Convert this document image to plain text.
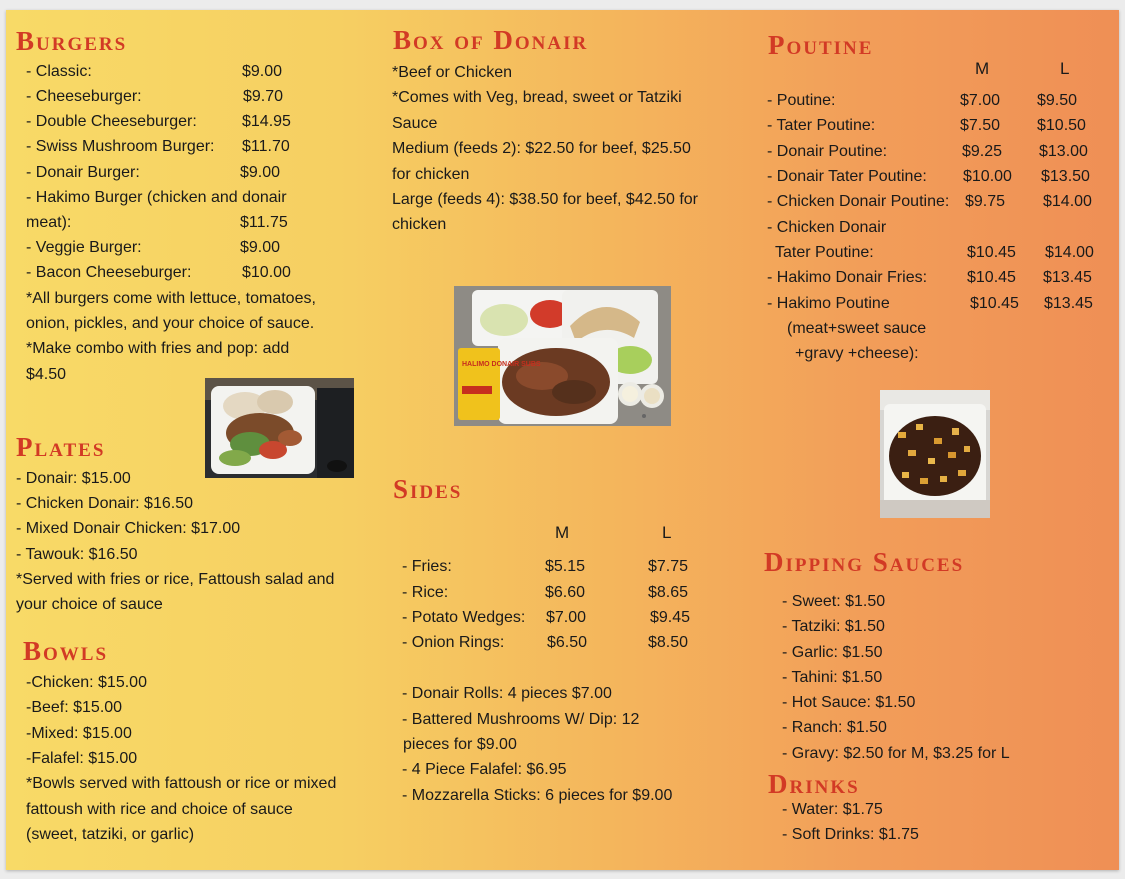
Burgers
- Classic:	$9.00
- Cheeseburger:	$9.70
- Double Cheeseburger:	$14.95
- Swiss Mushroom Burger: $11.70
- Donair Burger:	$9.00
- Hakimo Burger (chicken and donair
meat):	$11.75
- Veggie Burger:	$9.00
- Bacon Cheeseburger:	$10.00
*All burgers come with lettuce, tomatoes,
onion, pickles, and your choice of sauce.
*Make combo with fries and pop: add
$4.50
Plates
- Donair: $15.00
- Chicken Donair: $16.50
- Mixed Donair Chicken: $17.00
- Tawouk: $16.50
*Served with fries or rice, Fattoush salad and
your choice of sauce
Bowls
-Chicken: $15.00
-Beef: $15.00
-Mixed: $15.00
-Falafel: $15.00
*Bowls served with fattoush or rice or mixed
fattoush with rice and choice of sauce
(sweet, tatziki, or garlic)
Box of Donair
*Beef or Chicken
*Comes with Veg, bread, sweet or Tatziki
Sauce
Medium (feeds 2): $22.50 for beef, $25.50
for chicken
Large (feeds 4): $38.50 for beef, $42.50 for
chicken
HALIMO DONAIR SUBS
Sides
M	L
- Fries:	$5.15	$7.75
- Rice:	$6.60	$8.65
- Potato Wedges: $7.00	$9.45
- Onion Rings:	$6.50	$8.50
- Donair Rolls: 4 pieces $7.00
- Battered Mushrooms W/ Dip: 12
pieces for $9.00
- 4 Piece Falafel: $6.95
- Mozzarella Sticks: 6 pieces for $9.00
Poutine
M	L
- Poutine:	$7.00 $9.50
- Tater Poutine:	$7.50 $10.50
- Donair Poutine:	$9.25 $13.00
- Donair Tater Poutine: $10.00 $13.50
- Chicken Donair Poutine: $9.75 $14.00
- Chicken Donair
Tater Poutine:	$10.45 $14.00
- Hakimo Donair Fries: $10.45 $13.45
- Hakimo Poutine	$10.45 $13.45
(meat+sweet sauce
+gravy +cheese):
Dipping Sauces
- Sweet: $1.50
- Tatziki: $1.50
- Garlic: $1.50
- Tahini: $1.50
- Hot Sauce: $1.50
- Ranch: $1.50
- Gravy: $2.50 for M, $3.25 for L
Drinks
- Water: $1.75
- Soft Drinks: $1.75
